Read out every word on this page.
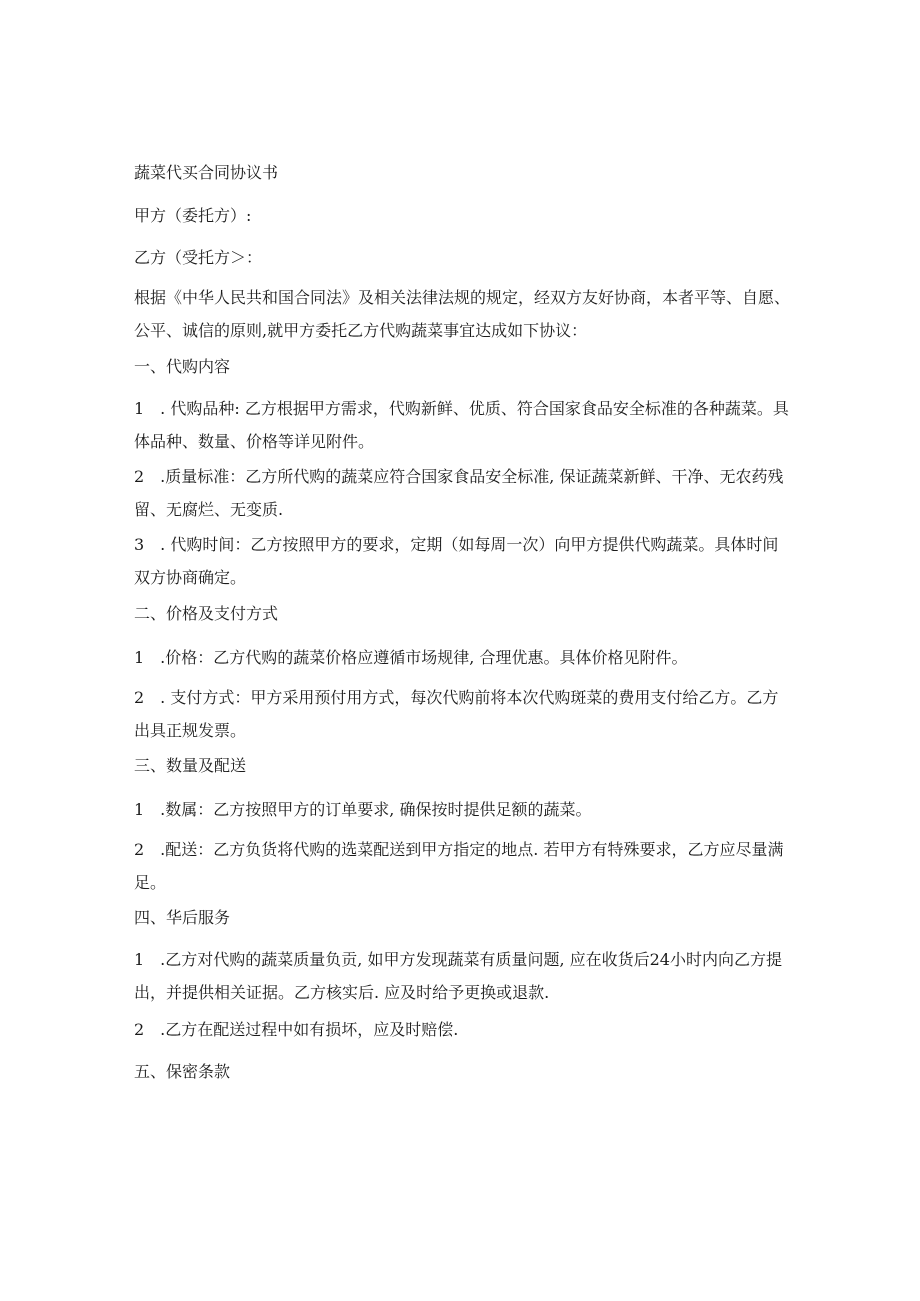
蔬菜代买合同协议书

甲方（委托方）:

乙方（受托方＞：

根据《中华人民共和国合同法》及相关法律法规的规定，经双方友好协商，本者平等、自愿、公平、诚信的原则,就甲方委托乙方代购蔬菜事宜达成如下协议：

一、代购内容

1　. 代购品种: 乙方根据甲方需求，代购新鲜、优质、符合国家食品安全标准的各种蔬菜。具体品种、数量、价格等详见附件。

2　.质量标准：乙方所代购的蔬菜应符合国家食品安全标准, 保证蔬菜新鲜、干净、无农药残留、无腐烂、无变质.

3　. 代购时间：乙方按照甲方的要求，定期（如每周一次）向甲方提供代购蔬菜。具体时间双方协商确定。

二、价格及支付方式

1　.价格：乙方代购的蔬菜价格应遵循市场规律, 合理优惠。具体价格见附件。

2　. 支付方式：甲方采用预付用方式，每次代购前将本次代购斑菜的费用支付给乙方。乙方出具正规发票。

三、数量及配送

1　.数属：乙方按照甲方的订单要求, 确保按时提供足额的蔬菜。

2　.配送：乙方负货将代购的选菜配送到甲方指定的地点. 若甲方有特殊要求，乙方应尽量满足。

四、华后服务

1　.乙方对代购的蔬菜质量负贡, 如甲方发现蔬菜有质量问题, 应在收货后24小时内向乙方提出，并提供相关证据。乙方核实后. 应及时给予更换或退款.

2　.乙方在配送过程中如有损坏，应及时赔偿.

五、保密条款
